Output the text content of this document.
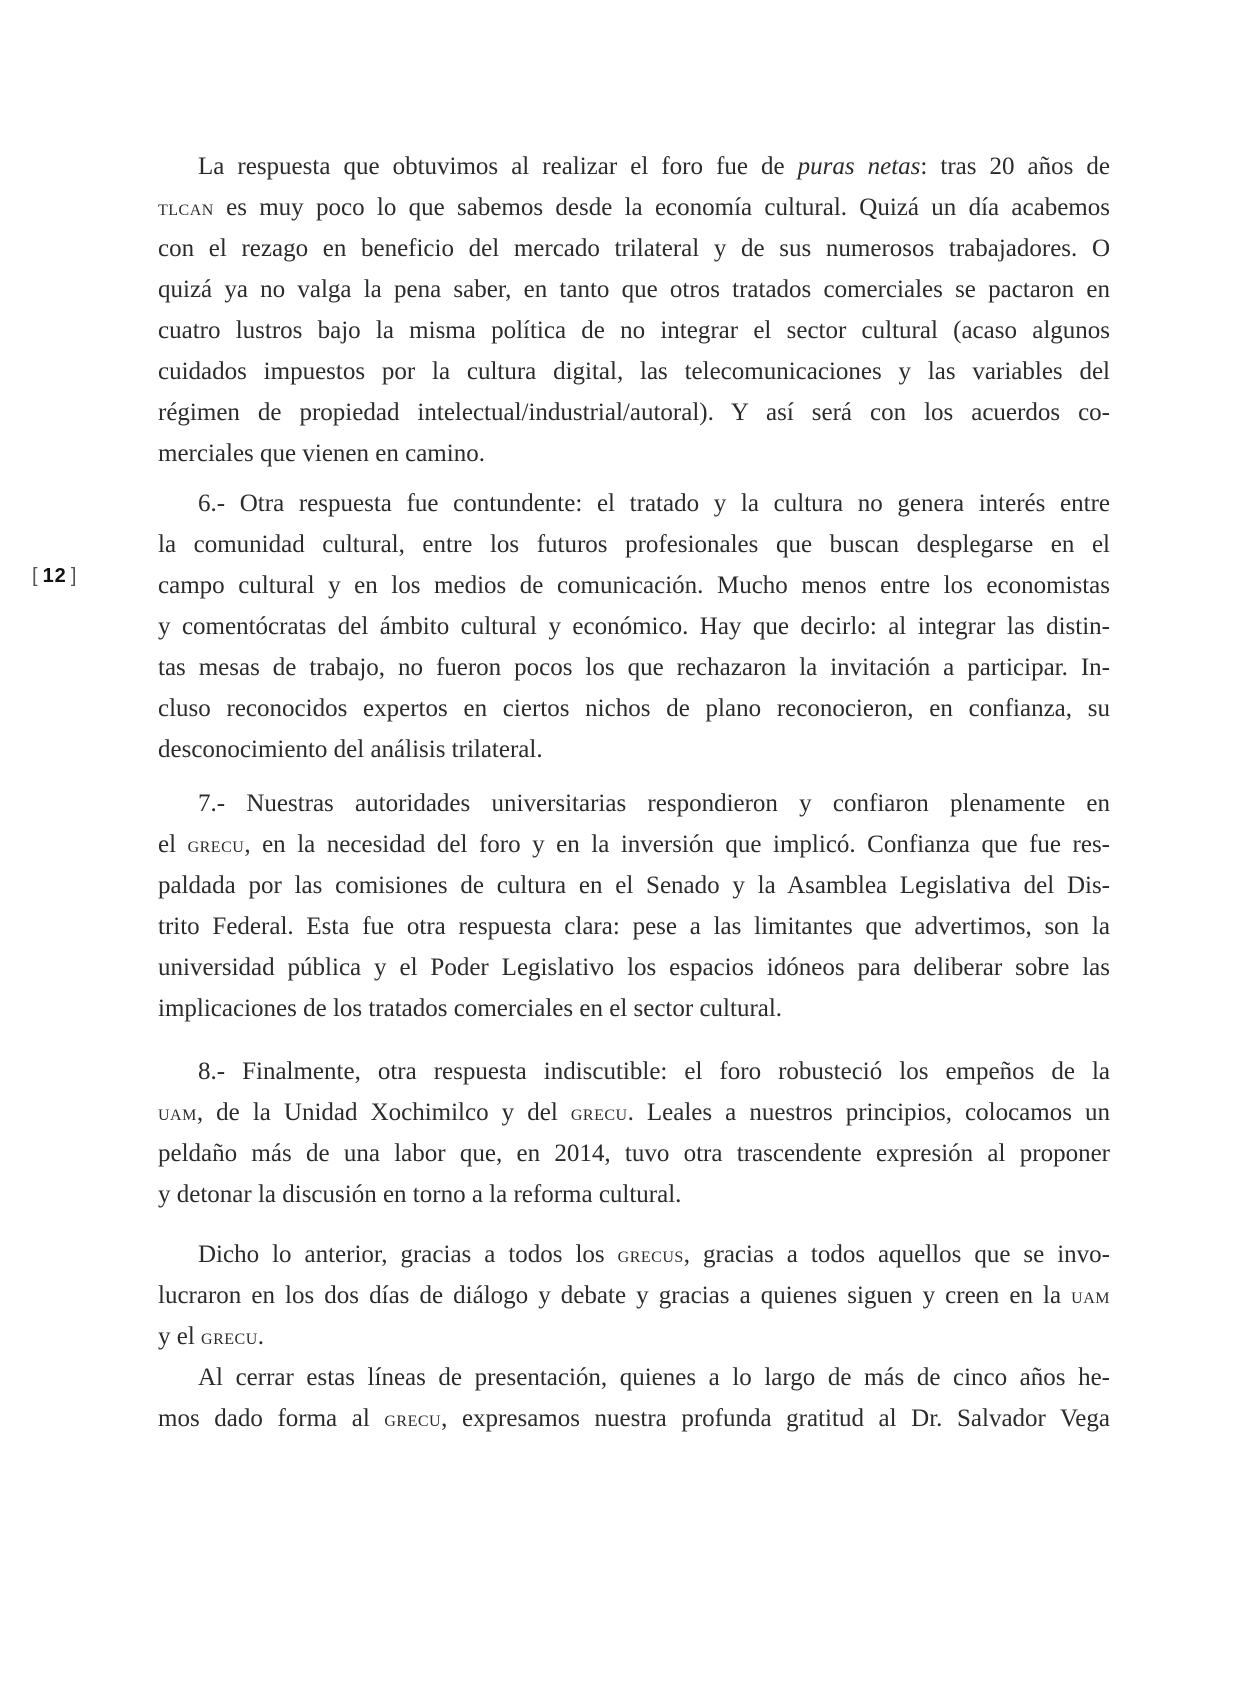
[ 12 ]
La respuesta que obtuvimos al realizar el foro fue de puras netas: tras 20 años de
tlcan es muy poco lo que sabemos desde la economía cultural. Quizá un día acabemos
con el rezago en beneficio del mercado trilateral y de sus numerosos trabajadores. O
quizá ya no valga la pena saber, en tanto que otros tratados comerciales se pactaron en
cuatro lustros bajo la misma política de no integrar el sector cultural (acaso algunos
cuidados impuestos por la cultura digital, las telecomunicaciones y las variables del
régimen de propiedad intelectual/industrial/autoral). Y así será con los acuerdos co-
merciales que vienen en camino.
6.- Otra respuesta fue contundente: el tratado y la cultura no genera interés entre
la comunidad cultural, entre los futuros profesionales que buscan desplegarse en el
campo cultural y en los medios de comunicación. Mucho menos entre los economistas
y comentócratas del ámbito cultural y económico. Hay que decirlo: al integrar las distin-
tas mesas de trabajo, no fueron pocos los que rechazaron la invitación a participar. In-
cluso reconocidos expertos en ciertos nichos de plano reconocieron, en confianza, su
desconocimiento del análisis trilateral.
7.- Nuestras autoridades universitarias respondieron y confiaron plenamente en
el grecu, en la necesidad del foro y en la inversión que implicó. Confianza que fue res-
paldada por las comisiones de cultura en el Senado y la Asamblea Legislativa del Dis-
trito Federal. Esta fue otra respuesta clara: pese a las limitantes que advertimos, son la
universidad pública y el Poder Legislativo los espacios idóneos para deliberar sobre las
implicaciones de los tratados comerciales en el sector cultural.
8.- Finalmente, otra respuesta indiscutible: el foro robusteció los empeños de la
uam, de la Unidad Xochimilco y del grecu. Leales a nuestros principios, colocamos un
peldaño más de una labor que, en 2014, tuvo otra trascendente expresión al proponer
y detonar la discusión en torno a la reforma cultural.
Dicho lo anterior, gracias a todos los grecus, gracias a todos aquellos que se invo-
lucraron en los dos días de diálogo y debate y gracias a quienes siguen y creen en la uam
y el grecu.
Al cerrar estas líneas de presentación, quienes a lo largo de más de cinco años he-
mos dado forma al grecu, expresamos nuestra profunda gratitud al Dr. Salvador Vega
